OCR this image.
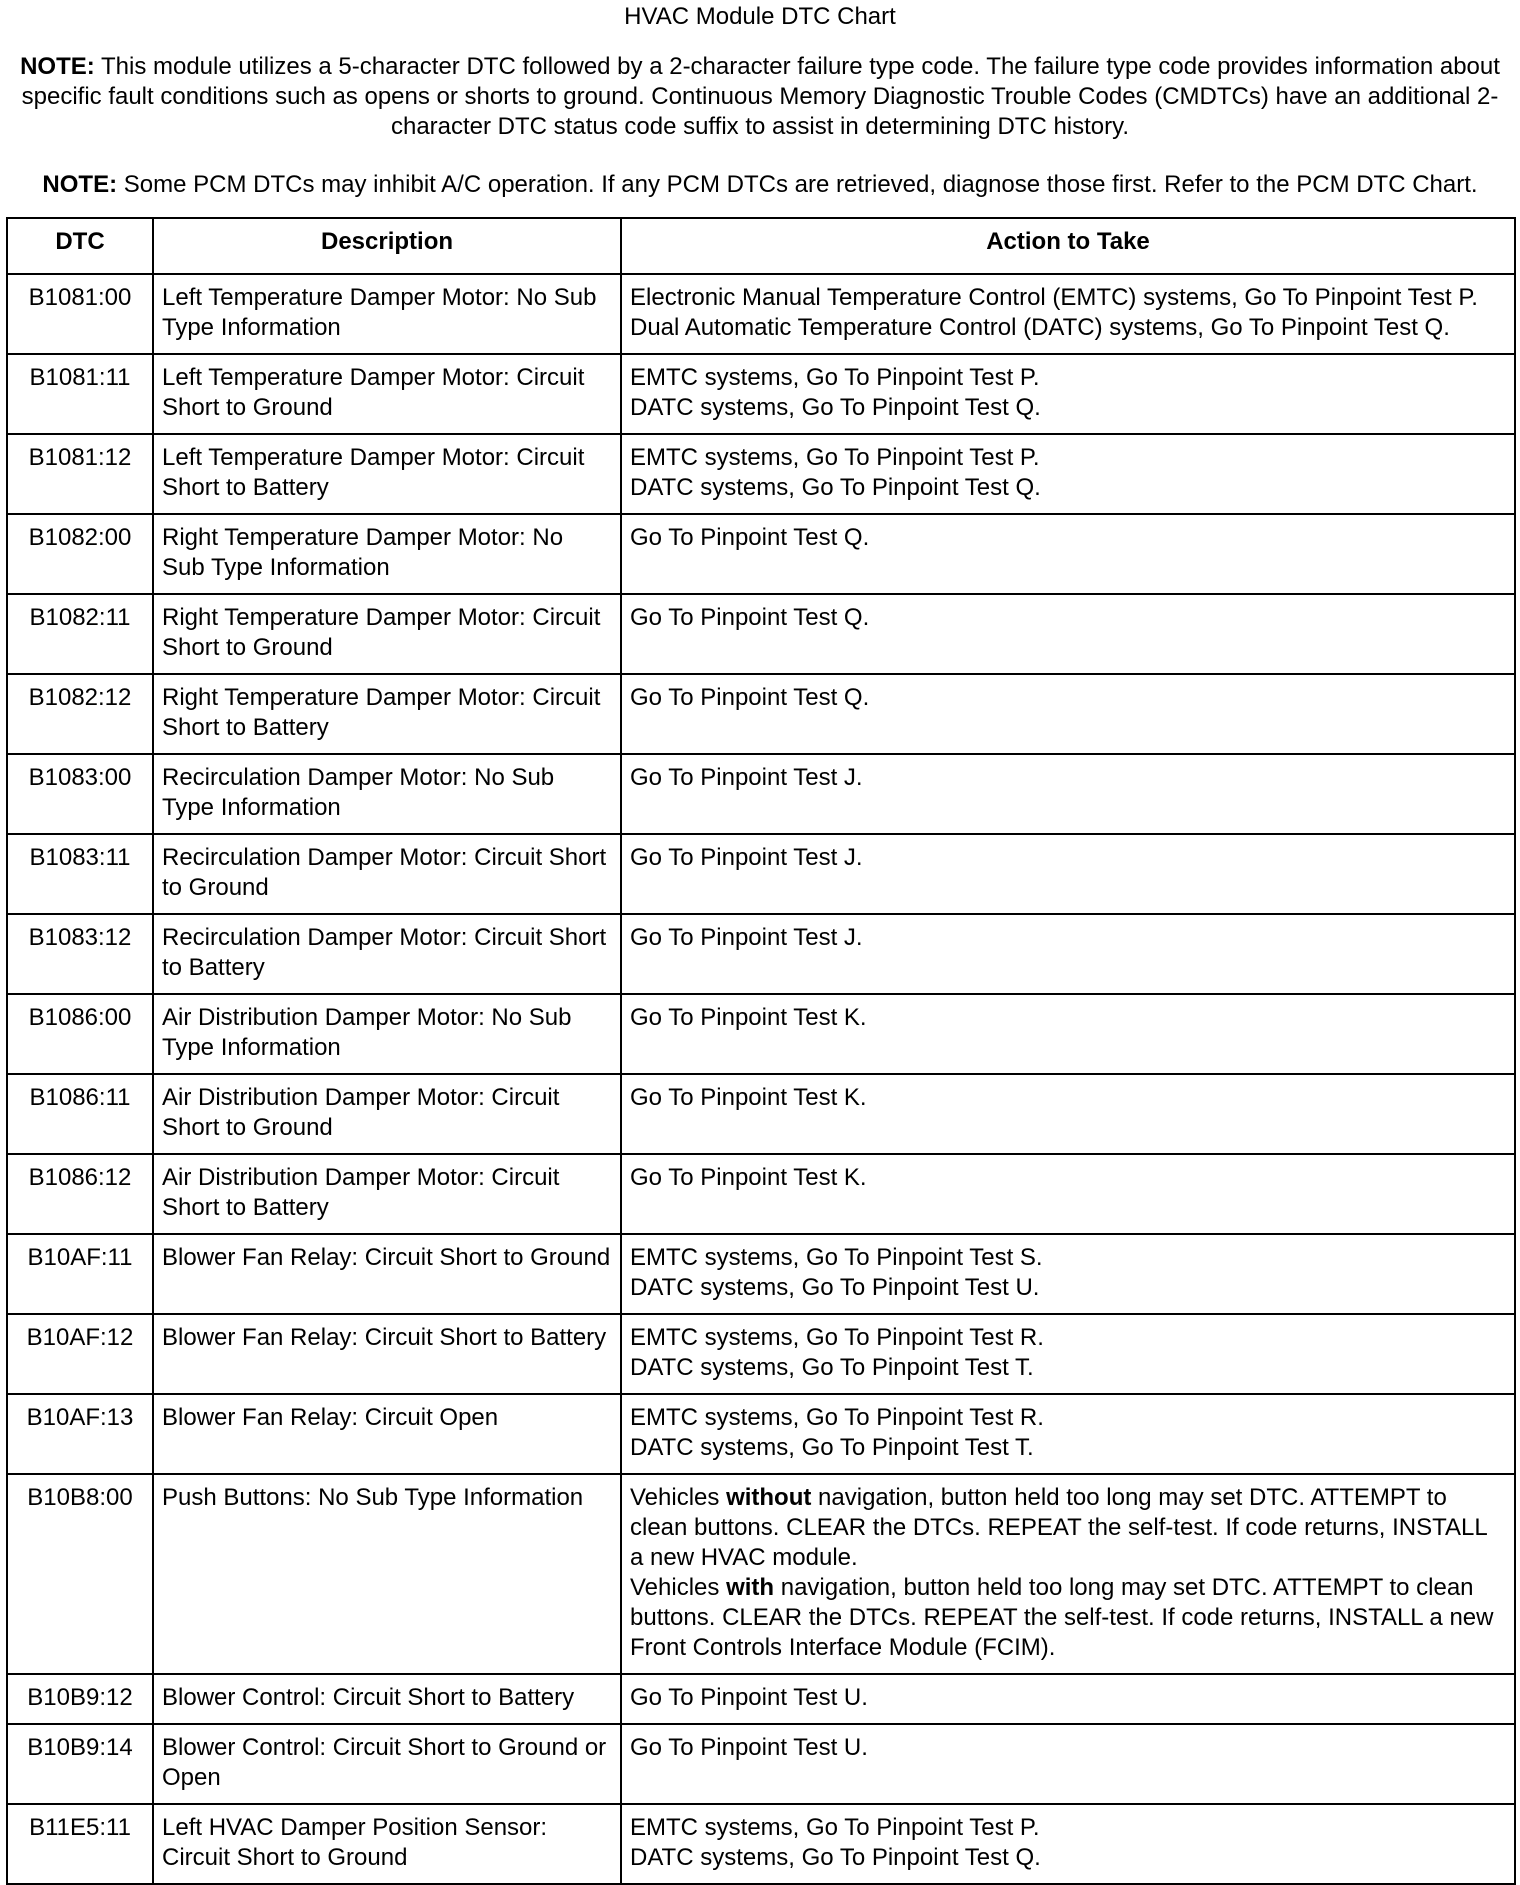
HVAC Module DTC Chart
NOTE: This module utilizes a 5-character DTC followed by a 2-character failure type code. The failure type code provides information about specific fault conditions such as opens or shorts to ground. Continuous Memory Diagnostic Trouble Codes (CMDTCs) have an additional 2-character DTC status code suffix to assist in determining DTC history.
NOTE: Some PCM DTCs may inhibit A/C operation. If any PCM DTCs are retrieved, diagnose those first. Refer to the PCM DTC Chart.
DTC	Description	Action to Take
B1081:00	Left Temperature Damper Motor: No Sub Type Information	Electronic Manual Temperature Control (EMTC) systems, Go To Pinpoint Test P.
Dual Automatic Temperature Control (DATC) systems, Go To Pinpoint Test Q.

B1081:11	Left Temperature Damper Motor: Circuit Short to Ground	EMTC systems, Go To Pinpoint Test P.
DATC systems, Go To Pinpoint Test Q.

B1081:12	Left Temperature Damper Motor: Circuit Short to Battery	EMTC systems, Go To Pinpoint Test P.
DATC systems, Go To Pinpoint Test Q.

B1082:00	Right Temperature Damper Motor: No Sub Type Information	Go To Pinpoint Test Q.

B1082:11	Right Temperature Damper Motor: Circuit Short to Ground	Go To Pinpoint Test Q.

B1082:12	Right Temperature Damper Motor: Circuit Short to Battery	Go To Pinpoint Test Q.

B1083:00	Recirculation Damper Motor: No Sub Type Information	Go To Pinpoint Test J.

B1083:11	Recirculation Damper Motor: Circuit Short to Ground	Go To Pinpoint Test J.

B1083:12	Recirculation Damper Motor: Circuit Short to Battery	Go To Pinpoint Test J.

B1086:00	Air Distribution Damper Motor: No Sub Type Information	Go To Pinpoint Test K.

B1086:11	Air Distribution Damper Motor: Circuit Short to Ground	Go To Pinpoint Test K.

B1086:12	Air Distribution Damper Motor: Circuit Short to Battery	Go To Pinpoint Test K.

B10AF:11	Blower Fan Relay: Circuit Short to Ground	EMTC systems, Go To Pinpoint Test S.
DATC systems, Go To Pinpoint Test U.

B10AF:12	Blower Fan Relay: Circuit Short to Battery	EMTC systems, Go To Pinpoint Test R.
DATC systems, Go To Pinpoint Test T.

B10AF:13	Blower Fan Relay: Circuit Open	EMTC systems, Go To Pinpoint Test R.
DATC systems, Go To Pinpoint Test T.

B10B8:00	Push Buttons: No Sub Type Information	Vehicles without navigation, button held too long may set DTC. ATTEMPT to clean buttons. CLEAR the DTCs. REPEAT the self-test. If code returns, INSTALL a new HVAC module.
Vehicles with navigation, button held too long may set DTC. ATTEMPT to clean buttons. CLEAR the DTCs. REPEAT the self-test. If code returns, INSTALL a new Front Controls Interface Module (FCIM).

B10B9:12	Blower Control: Circuit Short to Battery	Go To Pinpoint Test U.

B10B9:14	Blower Control: Circuit Short to Ground or Open	Go To Pinpoint Test U.

B11E5:11	Left HVAC Damper Position Sensor: Circuit Short to Ground	EMTC systems, Go To Pinpoint Test P.
DATC systems, Go To Pinpoint Test Q.
